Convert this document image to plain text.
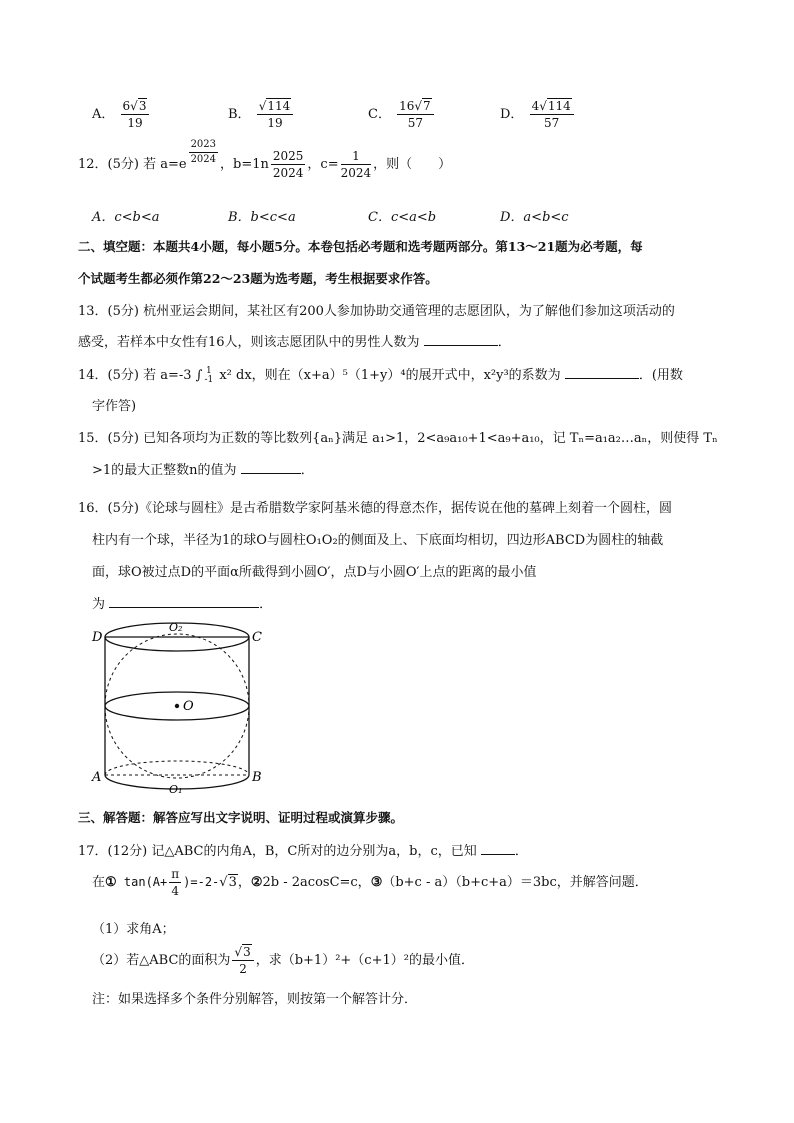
A． $\frac{6√3}{19}$	B． $\frac{√114}{19}$	C． $\frac{16√7}{57}$	D． $\frac{4√114}{57}$
12．(5分) 若 $a=e \frac{2023}{2024}$ ，$b=1n \frac{2025}{2024}$ ，$c= \frac{1}{2024}$ ，则（　　）
A．c<b<a	B．b<c<a	C．c<a<b	D．a<b<c
二、填空题：本题共4小题，每小题5分。本卷包括必考题和选考题两部分。第13～21题为必考题，每
个试题考生都必须作第22～23题为选考题，考生根据要求作答。
13．(5分) 杭州亚运会期间，某社区有200人参加协助交通管理的志愿团队，为了解他们参加这项活动的
感受，若样本中女性有16人，则该志愿团队中的男性人数为	．
14．(5分) 若 a=-3 ∫ 1
-1 x² dx，则在（x+a）⁵（1+y）⁴的展开式中，x²y³的系数为	．(用数
字作答)
15．(5分) 已知各项均为正数的等比数列{aₙ}满足 a₁>1，2<a₉a₁₀+1<a₉+a₁₀，记 Tₙ=a₁a₂…aₙ，则使得 Tₙ
>1的最大正整数n的值为	．
16．(5分)《论球与圆柱》是古希腊数学家阿基米德的得意杰作，据传说在他的墓碑上刻着一个圆柱，圆
柱内有一个球，半径为1的球O与圆柱O₁O₂的侧面及上、下底面均相切，四边形ABCD为圆柱的轴截
面，球O被过点D的平面α所截得到小圆O′，点D与小圆O′上点的距离的最小值
为	．
D	C
A	B
O
O₂
O₁
三、解答题：解答应写出文字说明、证明过程或演算步骤。
17．(12分) 记△ABC的内角A，B，C所对的边分别为a，b，c，已知	．
在① $\tan(A+ \frac{\pi}{4} )=-2-√3$，②2b - 2acosC=c，③（b+c - a）（b+c+a）＝3bc，并解答问题．
（1）求角A；
（2）若△ABC的面积为 $\frac{√3}{2}$ ，求（b+1）²+（c+1）²的最小值．
注：如果选择多个条件分别解答，则按第一个解答计分．
